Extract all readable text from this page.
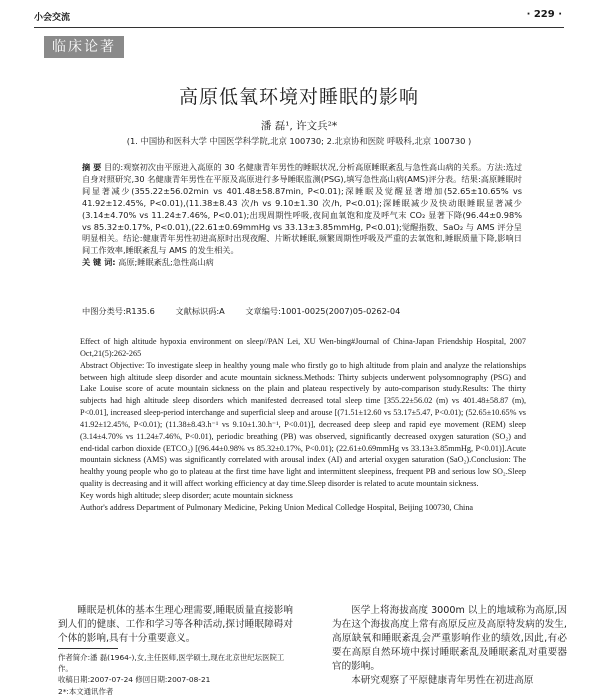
小会交流	· 229 ·
临床论著
高原低氧环境对睡眠的影响
潘 磊¹, 许文兵²*
(1. 中国协和医科大学 中国医学科学院,北京 100730; 2.北京协和医院 呼吸科,北京 100730 )
摘 要 目的:观察初次由平原进入高原的 30 名健康青年男性的睡眠状况,分析高原睡眠紊乱与急性高山病的关系。方法:选过自身对照研究,30 名健康青年男性在平原及高原进行多导睡眠监测(PSG),填写急性高山病(AMS)评分表。结果:高原睡眠时间显著减少(355.22±56.02min vs 401.48±58.87min, P<0.01);深睡眠及觉醒显著增加(52.65±10.65% vs 41.92±12.45%, P<0.01),(11.38±8.43 次/h vs 9.10±1.30 次/h, P<0.01);深睡眠减少及快动眼睡眠显著减少(3.14±4.70% vs 11.24±7.46%, P<0.01);出现周期性呼吸,夜间血氧饱和度及呼气末 CO₂ 显著下降(96.44±0.98% vs 85.32±0.17%, P<0.01),(22.61±0.69mmHg vs 33.13±3.85mmHg, P<0.01);觉醒指数、SaO₂ 与 AMS 评分呈明显相关。结论:健康青年男性初进高原时出现夜醒、片断状睡眠,频繁周期性呼吸及严重的去氧饱和,睡眠质量下降,影响日间工作效率,睡眠紊乱与 AMS 的发生相关。
关 键 词: 高原;睡眠紊乱;急性高山病
中图分类号:R135.6	文献标识码:A	文章编号:1001-0025(2007)05-0262-04

Effect of high altitude hypoxia environment on sleep//PAN Lei, XU Wen-bing#Journal of China-Japan Friendship Hospital, 2007 Oct,21(5):262-265

Abstract Objective: To investigate sleep in healthy young male who firstly go to high altitude from plain and analyze the relationships between high altitude sleep disorder and acute mountain sickness.Methods: Thirty subjects underwent polysomnography (PSG) and Lake Louise score of acute mountain sickness on the plain and plateau respectively by auto-comparison study.Results: The thirty subjects had high altitude sleep disorders which manifested decreased total sleep time [355.22±56.02 (m) vs 401.48±58.87 (m), P<0.01], increased sleep-period interchange and superficial sleep and arouse [(71.51±12.60 vs 53.17±5.47, P<0.01); (52.65±10.65% vs 41.92±12.45%, P<0.01); (11.38±8.43.h⁻¹ vs 9.10±1.30.h⁻¹, P<0.01)], decreased deep sleep and rapid eye movement (REM) sleep (3.14±4.70% vs 11.24±7.46%, P<0.01), periodic breathing (PB) was observed, significantly decreased oxygen saturation (SO₂) and end-tidal carbon dioxide (ETCO₂) [(96.44±0.98% vs 85.32±0.17%, P<0.01); (22.61±0.69mmHg vs 33.13±3.85mmHg, P<0.01)].Acute mountain sickness (AMS) was significantly correlated with arousal index (AI) and arterial oxygen saturation (SaO₂).Conclusion: The healthy young people who go to plateau at the first time have light and intermittent sleepiness, frequent PB and serious low SO₂.Sleep quality is decreasing and it will affect working efficiency at day time.Sleep disorder is related to acute mountain sickness.

Key words high altitude; sleep disorder; acute mountain sickness

Author's address Department of Pulmonary Medicine, Peking Union Medical Colledge Hospital, Beijing 100730, China

睡眠是机体的基本生理心理需要,睡眠质量直接影响到人们的健康、工作和学习等各种活动,探讨睡眠障碍对个体的影响,具有十分重要意义。

作者简介:潘 磊(1964-),女,主任医师,医学硕士,现在北京世纪坛医院工作。
收稿日期:2007-07-24 修回日期:2007-08-21
2*:本文通讯作者

医学上将海拔高度 3000m 以上的地域称为高原,因为在这个海拔高度上常有高原反应及高原特发病的发生,高原缺氧和睡眠紊乱会严重影响作业的绩效,因此,有必要在高原自然环境中探讨睡眠紊乱及睡眠紊乱对重要器官的影响。

本研究观察了平原健康青年男性在初进高原
